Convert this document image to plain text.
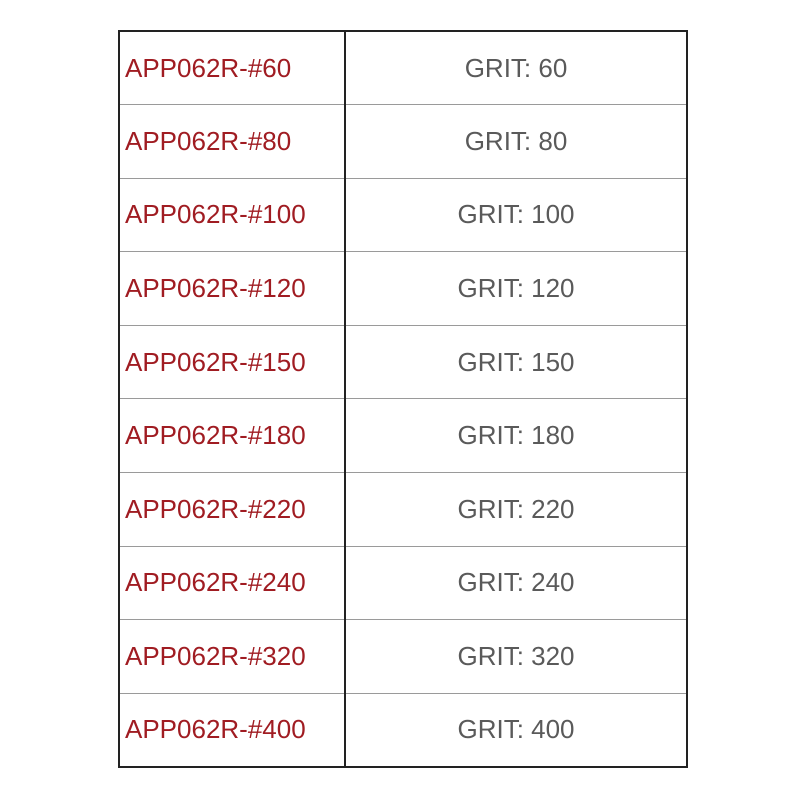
APP062R-#60	GRIT: 60
APP062R-#80	GRIT: 80
APP062R-#100	GRIT: 100
APP062R-#120	GRIT: 120
APP062R-#150	GRIT: 150
APP062R-#180	GRIT: 180
APP062R-#220	GRIT: 220
APP062R-#240	GRIT: 240
APP062R-#320	GRIT: 320
APP062R-#400	GRIT: 400
